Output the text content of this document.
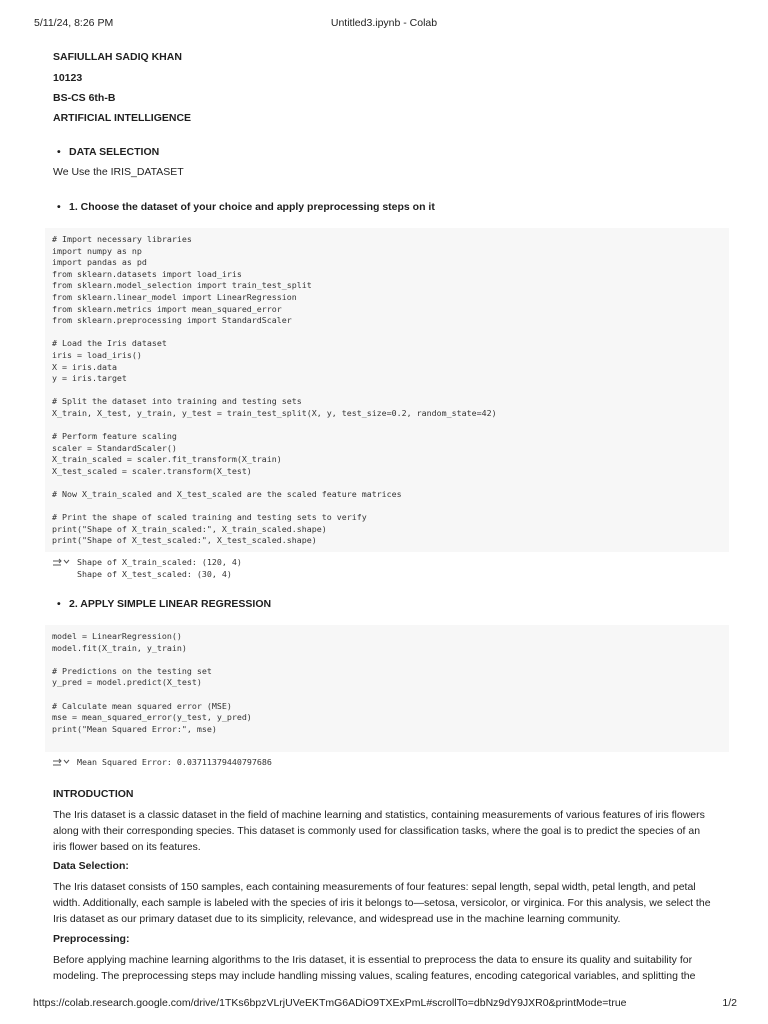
5/11/24, 8:26 PM	Untitled3.ipynb - Colab
SAFIULLAH SADIQ KHAN
10123
BS-CS 6th-B
ARTIFICIAL INTELLIGENCE
• DATA SELECTION
We Use the IRIS_DATASET
• 1. Choose the dataset of your choice and apply preprocessing steps on it
# Import necessary libraries
import numpy as np
import pandas as pd
from sklearn.datasets import load_iris
from sklearn.model_selection import train_test_split
from sklearn.linear_model import LinearRegression
from sklearn.metrics import mean_squared_error
from sklearn.preprocessing import StandardScaler
# Load the Iris dataset
iris = load_iris()
X = iris.data
y = iris.target
# Split the dataset into training and testing sets
X_train, X_test, y_train, y_test = train_test_split(X, y, test_size=0.2, random_state=42)
# Perform feature scaling
scaler = StandardScaler()
X_train_scaled = scaler.fit_transform(X_train)
X_test_scaled = scaler.transform(X_test)
# Now X_train_scaled and X_test_scaled are the scaled feature matrices
# Print the shape of scaled training and testing sets to verify
print("Shape of X_train_scaled:", X_train_scaled.shape)
print("Shape of X_test_scaled:", X_test_scaled.shape)
Shape of X_train_scaled: (120, 4)
Shape of X_test_scaled: (30, 4)
• 2. APPLY SIMPLE LINEAR REGRESSION
model = LinearRegression()
model.fit(X_train, y_train)
# Predictions on the testing set
y_pred = model.predict(X_test)
# Calculate mean squared error (MSE)
mse = mean_squared_error(y_test, y_pred)
print("Mean Squared Error:", mse)
Mean Squared Error: 0.03711379440797686
INTRODUCTION
The Iris dataset is a classic dataset in the field of machine learning and statistics, containing measurements of various features of iris flowers along with their corresponding species. This dataset is commonly used for classification tasks, where the goal is to predict the species of an iris flower based on its features.
Data Selection:
The Iris dataset consists of 150 samples, each containing measurements of four features: sepal length, sepal width, petal length, and petal width. Additionally, each sample is labeled with the species of iris it belongs to—setosa, versicolor, or virginica. For this analysis, we select the Iris dataset as our primary dataset due to its simplicity, relevance, and widespread use in the machine learning community.
Preprocessing:
Before applying machine learning algorithms to the Iris dataset, it is essential to preprocess the data to ensure its quality and suitability for modeling. The preprocessing steps may include handling missing values, scaling features, encoding categorical variables, and splitting the
https://colab.research.google.com/drive/1TKs6bpzVLrjUVeEKTmG6ADiO9TXExPmL#scrollTo=dbNz9dY9JXR0&printMode=true	1/2
